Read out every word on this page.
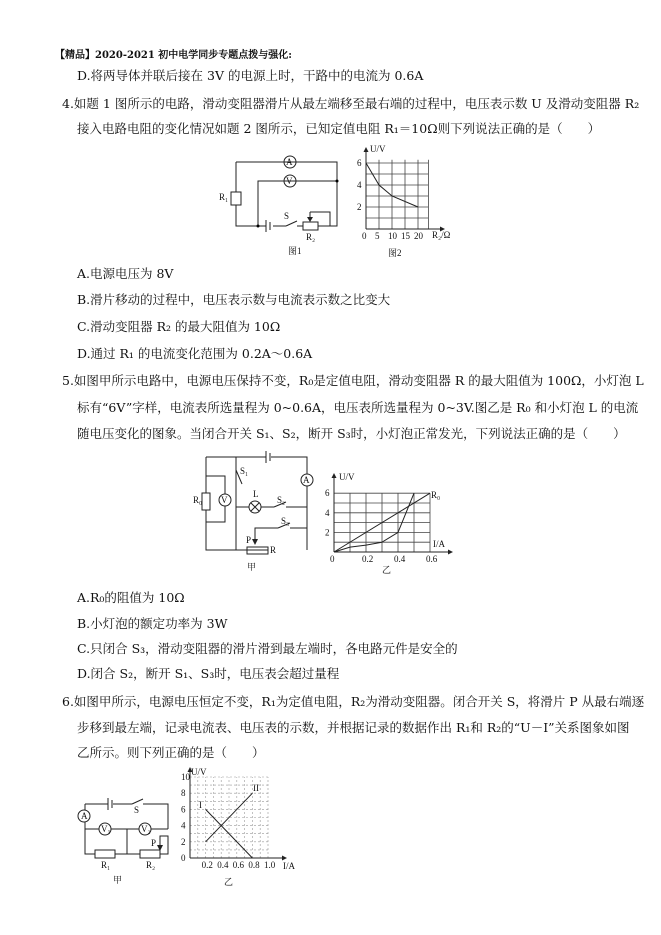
【精品】2020-2021 初中电学同步专题点拨与强化:
D.将两导体并联后接在 3V 的电源上时，干路中的电流为 0.6A
4.如题 1 图所示的电路，滑动变阻器滑片从最左端移至最右端的过程中，电压表示数 U 及滑动变阻器 R₂
接入电路电阻的变化情况如题 2 图所示，已知定值电阻 R₁＝10Ω则下列说法正确的是（　　）
A
V
R₁
S
R₂
图1
U/V
R₂/Ω
图2
0 5 10 15 20
2
4
6
A.电源电压为 8V
B.滑片移动的过程中，电压表示数与电流表示数之比变大
C.滑动变阻器 R₂ 的最大阻值为 10Ω
D.通过 R₁ 的电流变化范围为 0.2A～0.6A
5.如图甲所示电路中，电源电压保持不变，R₀是定值电阻，滑动变阻器 R 的最大阻值为 100Ω，小灯泡 L
标有“6V”字样，电流表所选量程为 0~0.6A，电压表所选量程为 0~3V.图乙是 R₀ 和小灯泡 L 的电流
随电压变化的图象。当闭合开关 S₁、S₂，断开 S₃时，小灯泡正常发光，下列说法正确的是（　　）
V
A
R₀
S₁
L
S₂
S₃
P
R
甲
U/V
I/A
R₀
乙
0	0.2 0.4 0.6
2
4
6
A.R₀的阻值为 10Ω
B.小灯泡的额定功率为 3W
C.只闭合 S₃，滑动变阻器的滑片滑到最左端时，各电路元件是安全的
D.闭合 S₂，断开 S₁、S₃时，电压表会超过量程
6.如图甲所示，电源电压恒定不变，R₁为定值电阻，R₂为滑动变阻器。闭合开关 S，将滑片 P 从最右端逐
步移到最左端，记录电流表、电压表的示数，并根据记录的数据作出 R₁和 R₂的“U－I”关系图象如图
乙所示。则下列正确的是（　　）
A
V₁	V₂
S
P
R₁	R₂
甲
U/V
I/A
I
II
乙
0.2 0.4 0.6 0.8 1.0
0
2
4
6
8
10
